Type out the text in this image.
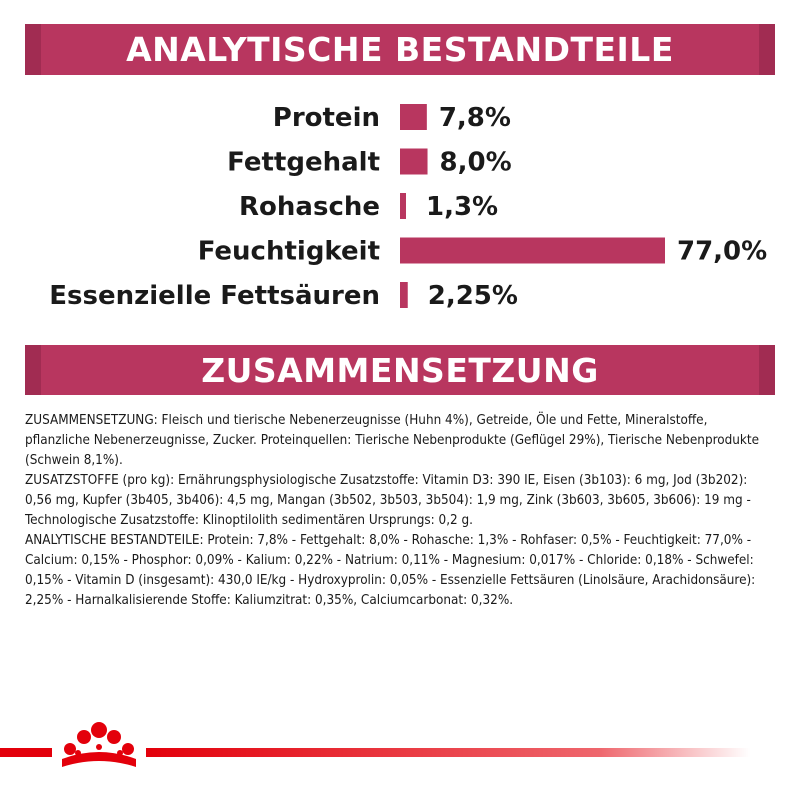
ANALYTISCHE BESTANDTEILE
Protein 7,8%
Fettgehalt 8,0%
Rohasche 1,3%
Feuchtigkeit	77,0%
Essenzielle Fettsäuren 2,25%
ZUSAMMENSETZUNG

ZUSAMMENSETZUNG: Fleisch und tierische Nebenerzeugnisse (Huhn 4%), Getreide, Öle und Fette, Mineralstoffe, pflanzliche Nebenerzeugnisse, Zucker. Proteinquellen: Tierische Nebenprodukte (Geflügel 29%), Tierische Nebenprodukte (Schwein 8,1%).

ZUSATZSTOFFE (pro kg): Ernährungsphysiologische Zusatzstoffe: Vitamin D3: 390 IE, Eisen (3b103): 6 mg, Jod (3b202): 0,56 mg, Kupfer (3b405, 3b406): 4,5 mg, Mangan (3b502, 3b503, 3b504): 1,9 mg, Zink (3b603, 3b605, 3b606): 19 mg - Technologische Zusatzstoffe: Klinoptilolith sedimentären Ursprungs: 0,2 g.

ANALYTISCHE BESTANDTEILE: Protein: 7,8% - Fettgehalt: 8,0% - Rohasche: 1,3% - Rohfaser: 0,5% - Feuchtigkeit: 77,0% - Calcium: 0,15% - Phosphor: 0,09% - Kalium: 0,22% - Natrium: 0,11% - Magnesium: 0,017% - Chloride: 0,18% - Schwefel: 0,15% - Vitamin D (insgesamt): 430,0 IE/kg - Hydroxyprolin: 0,05% - Essenzielle Fettsäuren (Linolsäure, Arachidonsäure): 2,25% - Harnalkalisierende Stoffe: Kaliumzitrat: 0,35%, Calciumcarbonat: 0,32%.
